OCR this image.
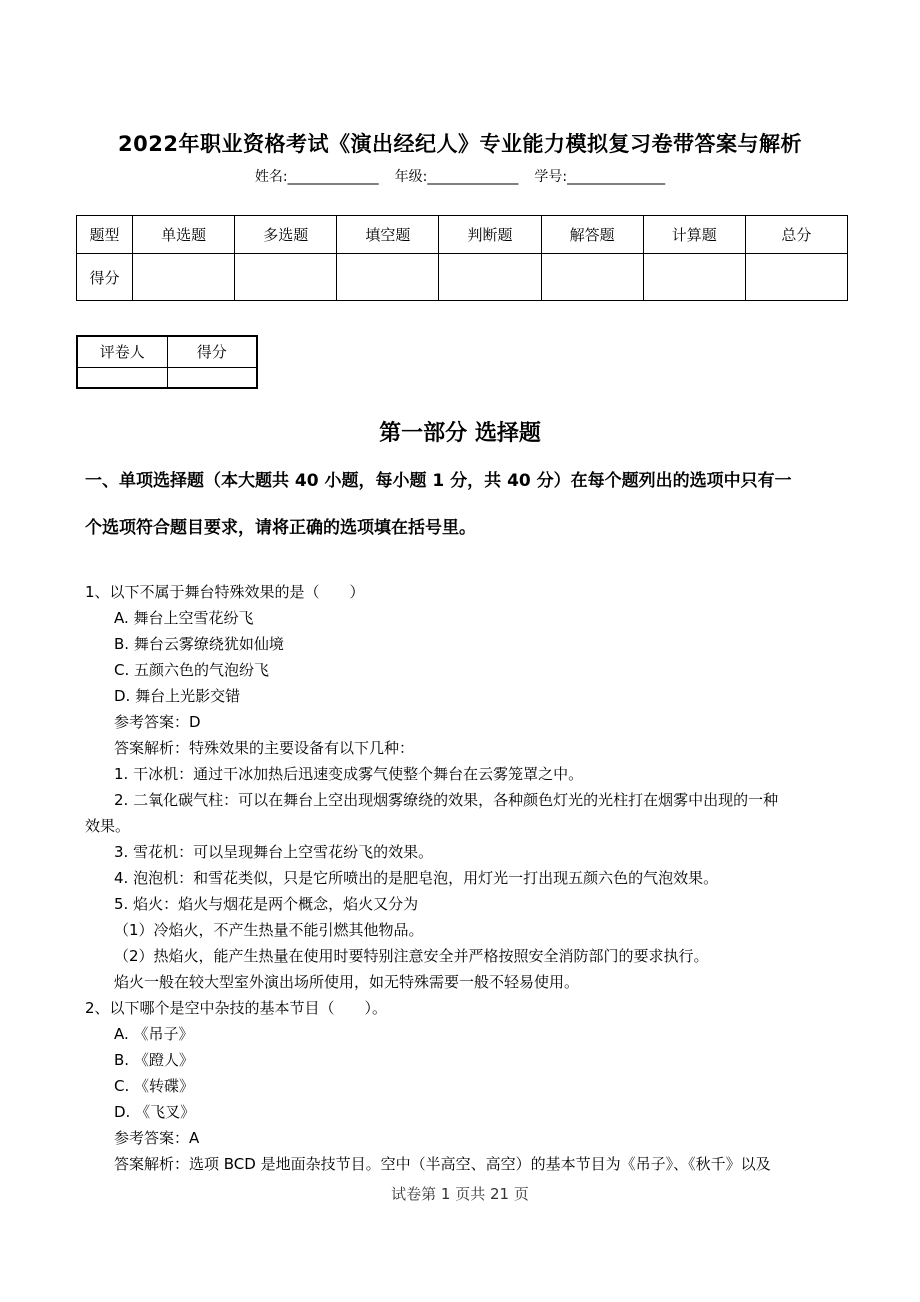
2022年职业资格考试《演出经纪人》专业能力模拟复习卷带答案与解析
姓名:_____________ 年级:_____________ 学号:______________
题型	单选题	多选题	填空题	判断题	解答题	计算题	总分
得分							
评卷人	得分

第一部分 选择题

一、单项选择题（本大题共 40 小题，每小题 1 分，共 40 分）在每个题列出的选项中只有一

个选项符合题目要求，请将正确的选项填在括号里。

1、以下不属于舞台特殊效果的是（　　）

A. 舞台上空雪花纷飞

B. 舞台云雾缭绕犹如仙境

C. 五颜六色的气泡纷飞

D. 舞台上光影交错

参考答案：D

答案解析：特殊效果的主要设备有以下几种：

1. 干冰机：通过干冰加热后迅速变成雾气使整个舞台在云雾笼罩之中。

2. 二氧化碳气柱：可以在舞台上空出现烟雾缭绕的效果，各种颜色灯光的光柱打在烟雾中出现的一种

效果。

3. 雪花机：可以呈现舞台上空雪花纷飞的效果。

4. 泡泡机：和雪花类似，只是它所喷出的是肥皂泡，用灯光一打出现五颜六色的气泡效果。

5. 焰火：焰火与烟花是两个概念，焰火又分为

（1）冷焰火，不产生热量不能引燃其他物品。

（2）热焰火，能产生热量在使用时要特别注意安全并严格按照安全消防部门的要求执行。

焰火一般在较大型室外演出场所使用，如无特殊需要一般不轻易使用。

2、以下哪个是空中杂技的基本节目（　　）。

A. 《吊子》

B. 《蹬人》

C. 《转碟》

D. 《飞叉》

参考答案：A

答案解析：选项 BCD 是地面杂技节目。空中（半高空、高空）的基本节目为《吊子》、《秋千》以及

试卷第 1 页共 21 页
